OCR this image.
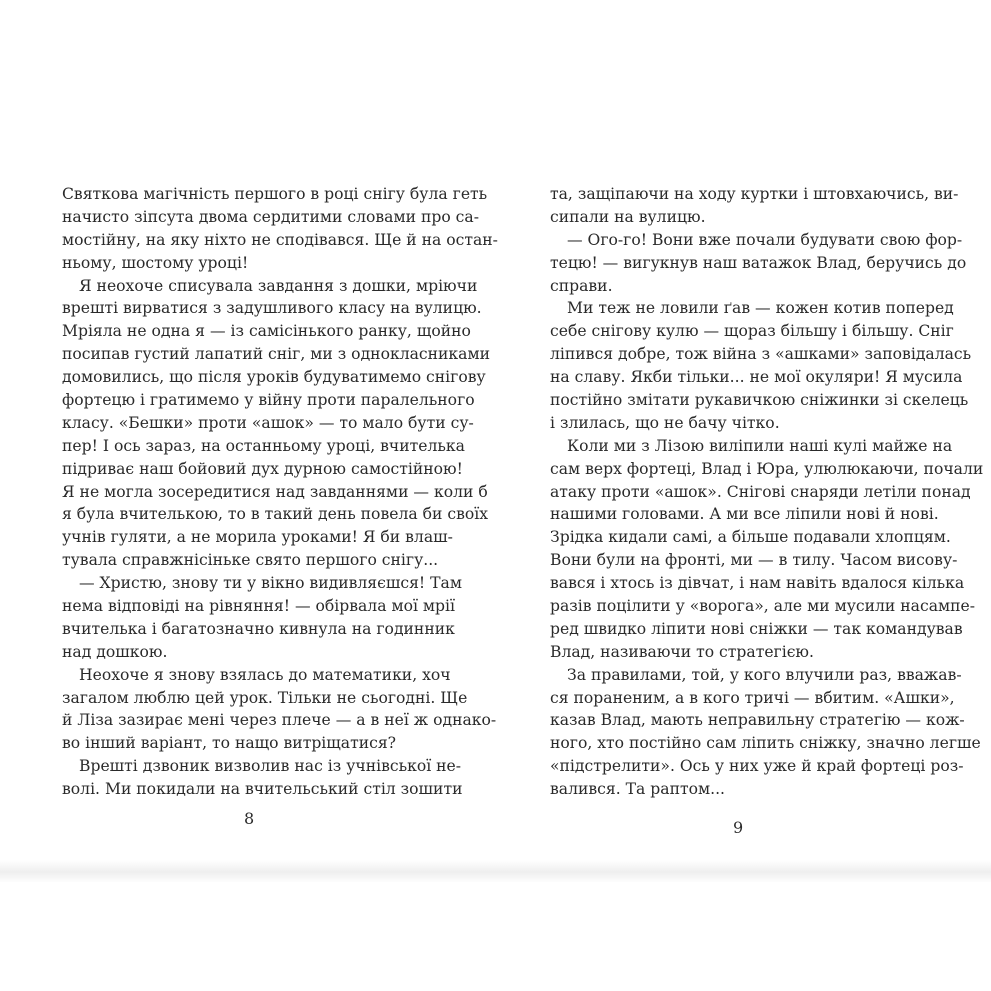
Святкова магічність першого в році снігу була геть
начисто зіпсута двома сердитими словами про са-
мостійну, на яку ніхто не сподівався. Ще й на остан-
ньому, шостому уроці!
Я неохоче списувала завдання з дошки, мріючи
врешті вирватися з задушливого класу на вулицю.
Мріяла не одна я — із самісінького ранку, щойно
посипав густий лапатий сніг, ми з однокласниками
домовились, що після уроків будуватимемо снігову
фортецю і гратимемо у війну проти паралельного
класу. «Бешки» проти «ашок» — то мало бути су-
пер! І ось зараз, на останньому уроці, вчителька
підриває наш бойовий дух дурною самостійною!
Я не могла зосередитися над завданнями — коли б
я була вчителькою, то в такий день повела би своїх
учнів гуляти, а не морила уроками! Я би влаш-
тувала справжнісіньке свято першого снігу...
— Христю, знову ти у вікно видивляєшся! Там
нема відповіді на рівняння! — обірвала мої мрії
вчителька і багатозначно кивнула на годинник
над дошкою.
Неохоче я знову взялась до математики, хоч
загалом люблю цей урок. Тільки не сьогодні. Ще
й Ліза зазирає мені через плече — а в неї ж однако-
во інший варіант, то нащо витріщатися?
Врешті дзвоник визволив нас із учнівської не-
волі. Ми покидали на вчительський стіл зошити
та, защіпаючи на ходу куртки і штовхаючись, ви-
сипали на вулицю.
— Ого-го! Вони вже почали будувати свою фор-
тецю! — вигукнув наш ватажок Влад, беручись до
справи.
Ми теж не ловили ґав — кожен котив поперед
себе снігову кулю — щораз більшу і більшу. Сніг
ліпився добре, тож війна з «ашками» заповідалась
на славу. Якби тільки... не мої окуляри! Я мусила
постійно змітати рукавичкою сніжинки зі скелець
і злилась, що не бачу чітко.
Коли ми з Лізою виліпили наші кулі майже на
сам верх фортеці, Влад і Юра, улюлюкаючи, почали
атаку проти «ашок». Снігові снаряди летіли понад
нашими головами. А ми все ліпили нові й нові.
Зрідка кидали самі, а більше подавали хлопцям.
Вони були на фронті, ми — в тилу. Часом висову-
вався і хтось із дівчат, і нам навіть вдалося кілька
разів поцілити у «ворога», але ми мусили насампе-
ред швидко ліпити нові сніжки — так командував
Влад, називаючи то стратегією.
За правилами, той, у кого влучили раз, вважав-
ся пораненим, а в кого тричі — вбитим. «Ашки»,
казав Влад, мають неправильну стратегію — кож-
ного, хто постійно сам ліпить сніжку, значно легше
«підстрелити». Ось у них уже й край фортеці роз-
валився. Та раптом...
8	9
